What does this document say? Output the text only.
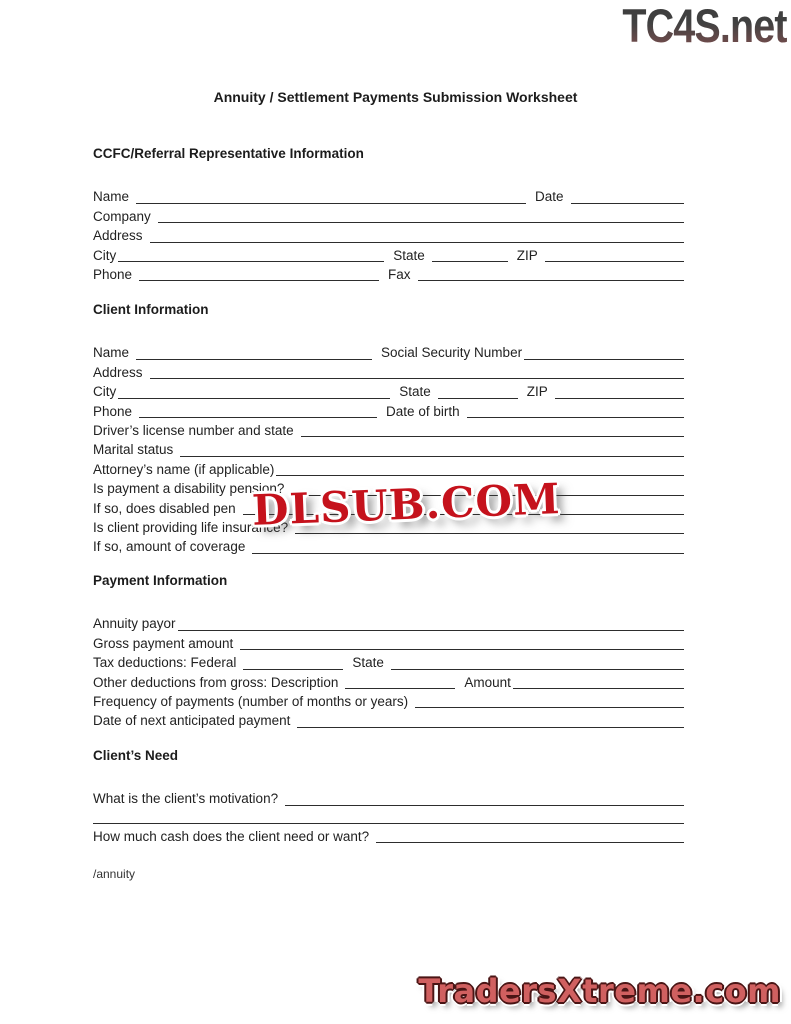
TC4S.net
Annuity / Settlement Payments Submission Worksheet
CCFC/Referral Representative Information
Name	Date
Company
Address
City	State	ZIP
Phone	Fax
Client Information
Name	Social Security Number
Address
City	State	ZIP
Phone	Date of birth
Driver’s license number and state
Marital status
Attorney’s name (if applicable)
Is payment a disability pension?
If so, does disabled pen
Is client providing life insurance?
If so, amount of coverage
Payment Information
Annuity payor
Gross payment amount
Tax deductions: Federal	State
Other deductions from gross: Description	Amount
Frequency of payments (number of months or years)
Date of next anticipated payment
Client’s Need
What is the client’s motivation?
How much cash does the client need or want?
/annuity
DLSUB.COM
TradersXtreme.com
